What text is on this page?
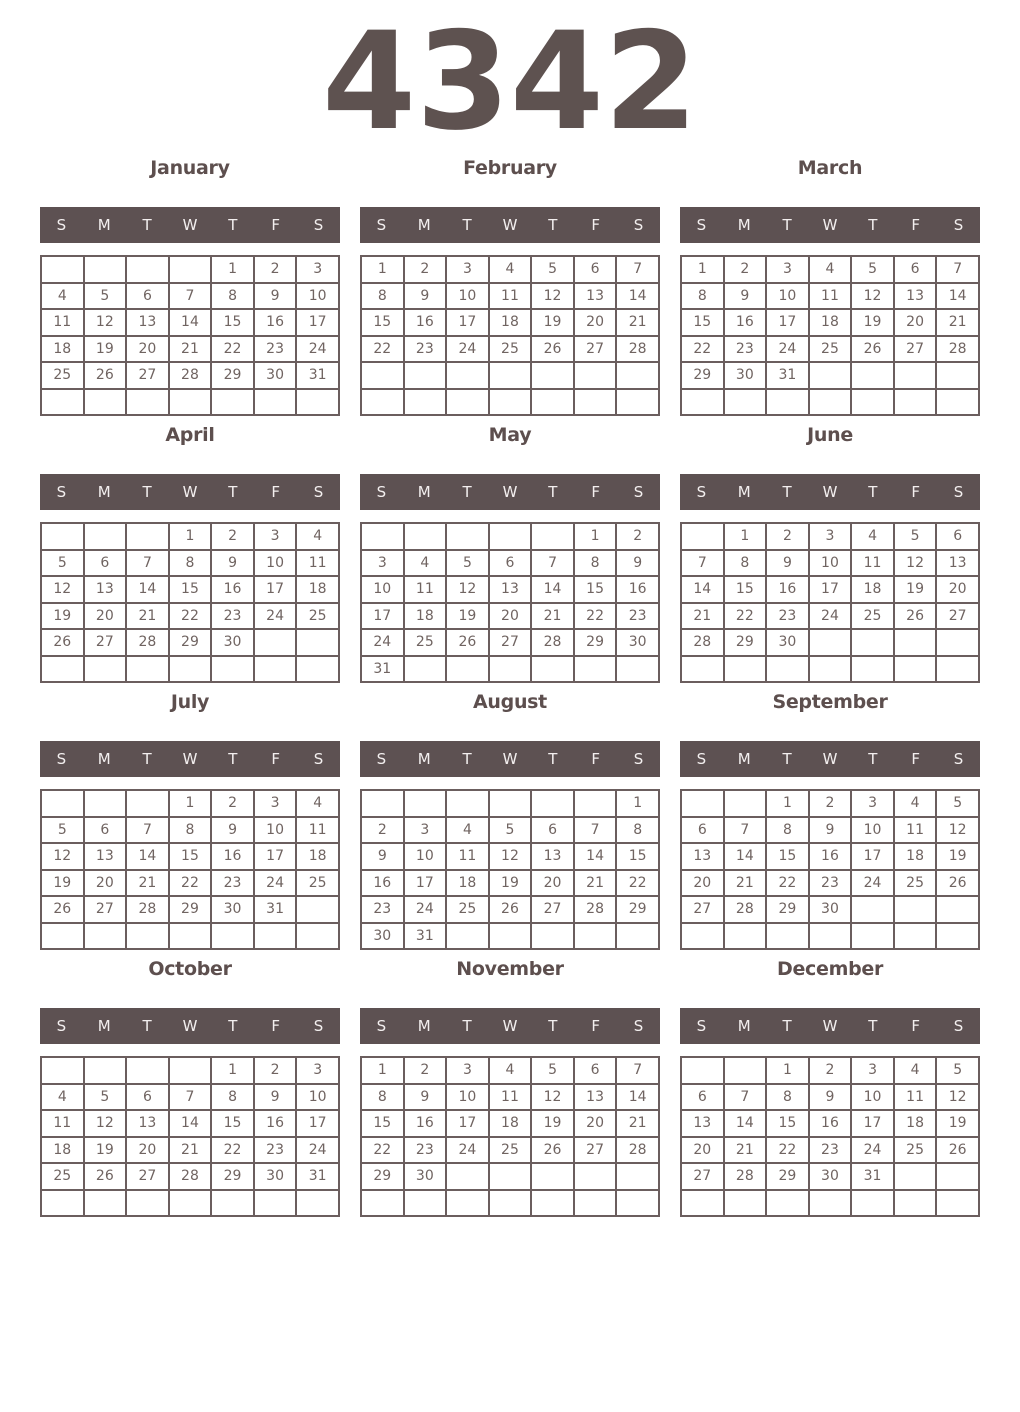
4342
January
S	M	T	W	T	F	S
				1	2	3
4	5	6	7	8	9	10
11	12	13	14	15	16	17
18	19	20	21	22	23	24
25	26	27	28	29	30	31

February
S	M	T	W	T	F	S
1	2	3	4	5	6	7
8	9	10	11	12	13	14
15	16	17	18	19	20	21
22	23	24	25	26	27	28

March
S	M	T	W	T	F	S
1	2	3	4	5	6	7
8	9	10	11	12	13	14
15	16	17	18	19	20	21
22	23	24	25	26	27	28
29	30	31				

April
S	M	T	W	T	F	S
			1	2	3	4
5	6	7	8	9	10	11
12	13	14	15	16	17	18
19	20	21	22	23	24	25
26	27	28	29	30		

May
S	M	T	W	T	F	S
					1	2
3	4	5	6	7	8	9
10	11	12	13	14	15	16
17	18	19	20	21	22	23
24	25	26	27	28	29	30
31						
June
S	M	T	W	T	F	S
	1	2	3	4	5	6
7	8	9	10	11	12	13
14	15	16	17	18	19	20
21	22	23	24	25	26	27
28	29	30				

July
S	M	T	W	T	F	S
			1	2	3	4
5	6	7	8	9	10	11
12	13	14	15	16	17	18
19	20	21	22	23	24	25
26	27	28	29	30	31	

August
S	M	T	W	T	F	S
						1
2	3	4	5	6	7	8
9	10	11	12	13	14	15
16	17	18	19	20	21	22
23	24	25	26	27	28	29
30	31					
September
S	M	T	W	T	F	S
		1	2	3	4	5
6	7	8	9	10	11	12
13	14	15	16	17	18	19
20	21	22	23	24	25	26
27	28	29	30			

October
S	M	T	W	T	F	S
				1	2	3
4	5	6	7	8	9	10
11	12	13	14	15	16	17
18	19	20	21	22	23	24
25	26	27	28	29	30	31

November
S	M	T	W	T	F	S
1	2	3	4	5	6	7
8	9	10	11	12	13	14
15	16	17	18	19	20	21
22	23	24	25	26	27	28
29	30					

December
S	M	T	W	T	F	S
		1	2	3	4	5
6	7	8	9	10	11	12
13	14	15	16	17	18	19
20	21	22	23	24	25	26
27	28	29	30	31		
